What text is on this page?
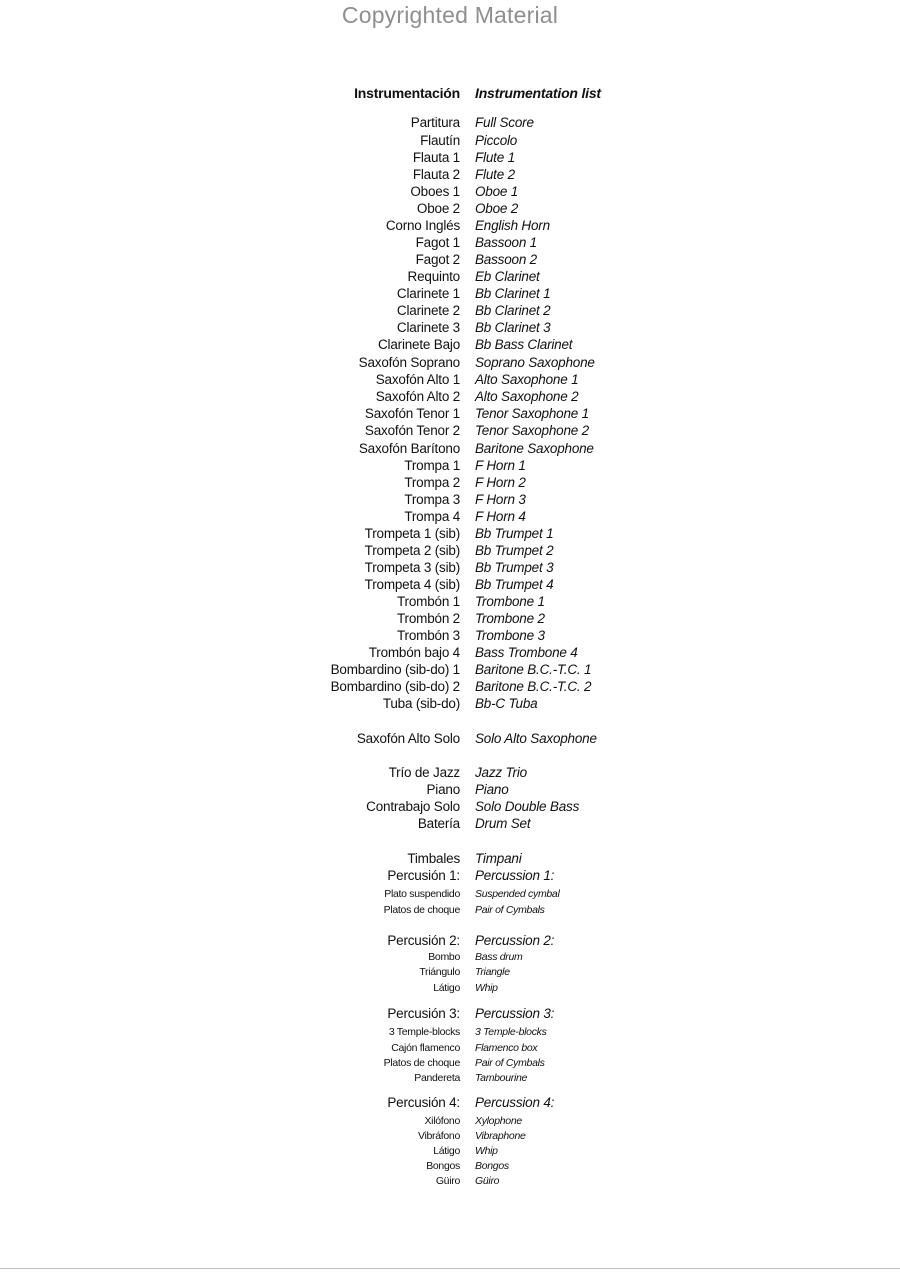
Copyrighted Material
Instrumentación Instrumentation list
Partitura Full Score
Flautín Piccolo
Flauta 1 Flute 1
Flauta 2 Flute 2
Oboes 1 Oboe 1
Oboe 2 Oboe 2
Corno Inglés English Horn
Fagot 1 Bassoon 1
Fagot 2 Bassoon 2
Requinto Eb Clarinet
Clarinete 1 Bb Clarinet 1
Clarinete 2 Bb Clarinet 2
Clarinete 3 Bb Clarinet 3
Clarinete Bajo Bb Bass Clarinet
Saxofón Soprano Soprano Saxophone
Saxofón Alto 1 Alto Saxophone 1
Saxofón Alto 2 Alto Saxophone 2
Saxofón Tenor 1 Tenor Saxophone 1
Saxofón Tenor 2 Tenor Saxophone 2
Saxofón Barítono Baritone Saxophone
Trompa 1 F Horn 1
Trompa 2 F Horn 2
Trompa 3 F Horn 3
Trompa 4 F Horn 4
Trompeta 1 (sib) Bb Trumpet 1
Trompeta 2 (sib) Bb Trumpet 2
Trompeta 3 (sib) Bb Trumpet 3
Trompeta 4 (sib) Bb Trumpet 4
Trombón 1 Trombone 1
Trombón 2 Trombone 2
Trombón 3 Trombone 3
Trombón bajo 4 Bass Trombone 4
Bombardino (sib-do) 1 Baritone B.C.-T.C. 1
Bombardino (sib-do) 2 Baritone B.C.-T.C. 2
Tuba (sib-do) Bb-C Tuba
Saxofón Alto Solo Solo Alto Saxophone
Trío de Jazz Jazz Trio
Piano Piano
Contrabajo Solo Solo Double Bass
Batería Drum Set
Timbales Timpani
Percusión 1: Percussion 1:
Plato suspendido Suspended cymbal
Platos de choque Pair of Cymbals
Percusión 2: Percussion 2:
Bombo Bass drum
Triángulo Triangle
Látigo Whip
Percusión 3: Percussion 3:
3 Temple-blocks 3 Temple-blocks
Cajón flamenco Flamenco box
Platos de choque Pair of Cymbals
Pandereta Tambourine
Percusión 4: Percussion 4:
Xilófono Xylophone
Vibráfono Vibraphone
Látigo Whip
Bongos Bongos
Güiro Güiro
